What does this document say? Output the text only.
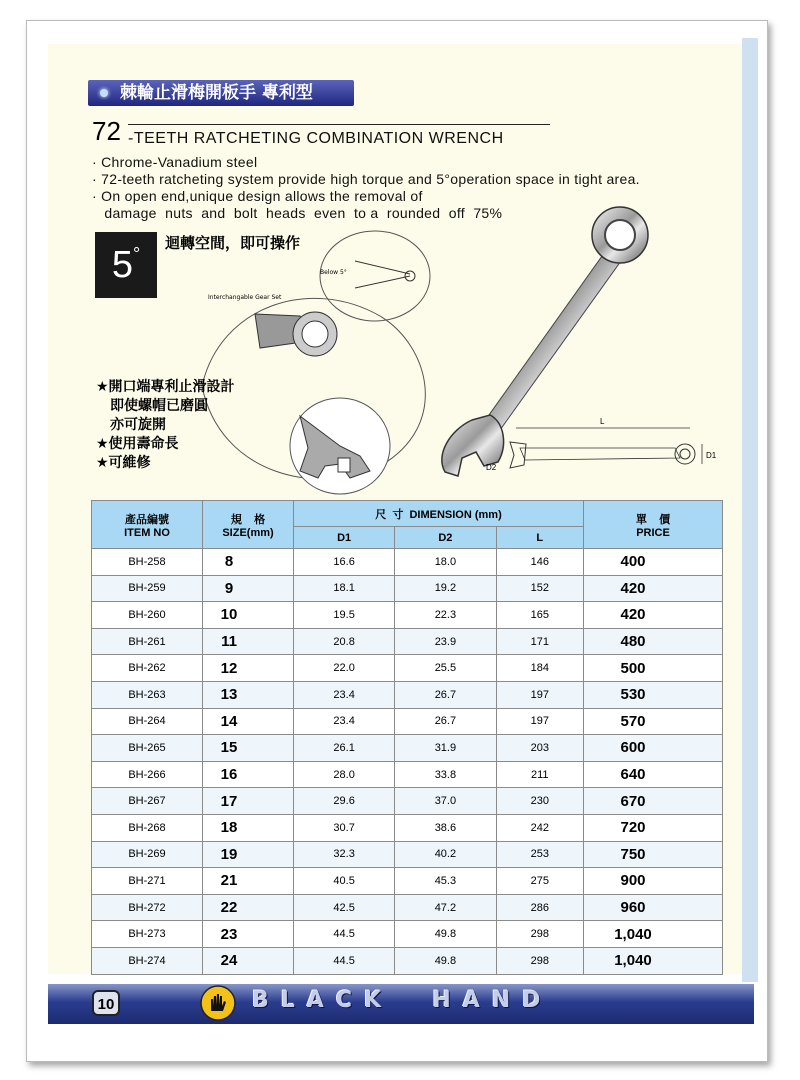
棘輪止滑梅開板手 專利型
72 -TEETH RATCHETING COMBINATION WRENCH
· Chrome-Vanadium steel
· 72-teeth ratcheting system provide high torque and 5°operation space in tight area.
· On open end,unique design allows the removal of
damage  nuts  and  bolt  heads  even  to a  rounded  off  75%
5°
迴轉空間，即可操作
Below 5°
Interchangable Gear Set
★開口端專利止滑設計
即使螺帽已磨圓
亦可旋開
★使用壽命長
★可維修
L
D1
D2
產品編號
ITEM NO	規    格
SIZE(mm)	尺  寸  DIMENSION (mm)			單    價
PRICE
		D1	D2	L	
BH-258	8	16.6	18.0	146	400
BH-259	9	18.1	19.2	152	420
BH-260	10	19.5	22.3	165	420
BH-261	11	20.8	23.9	171	480
BH-262	12	22.0	25.5	184	500
BH-263	13	23.4	26.7	197	530
BH-264	14	23.4	26.7	197	570
BH-265	15	26.1	31.9	203	600
BH-266	16	28.0	33.8	211	640
BH-267	17	29.6	37.0	230	670
BH-268	18	30.7	38.6	242	720
BH-269	19	32.3	40.2	253	750
BH-271	21	40.5	45.3	275	900
BH-272	22	42.5	47.2	286	960
BH-273	23	44.5	49.8	298	1,040
BH-274	24	44.5	49.8	298	1,040
10	BLACK  HAND
